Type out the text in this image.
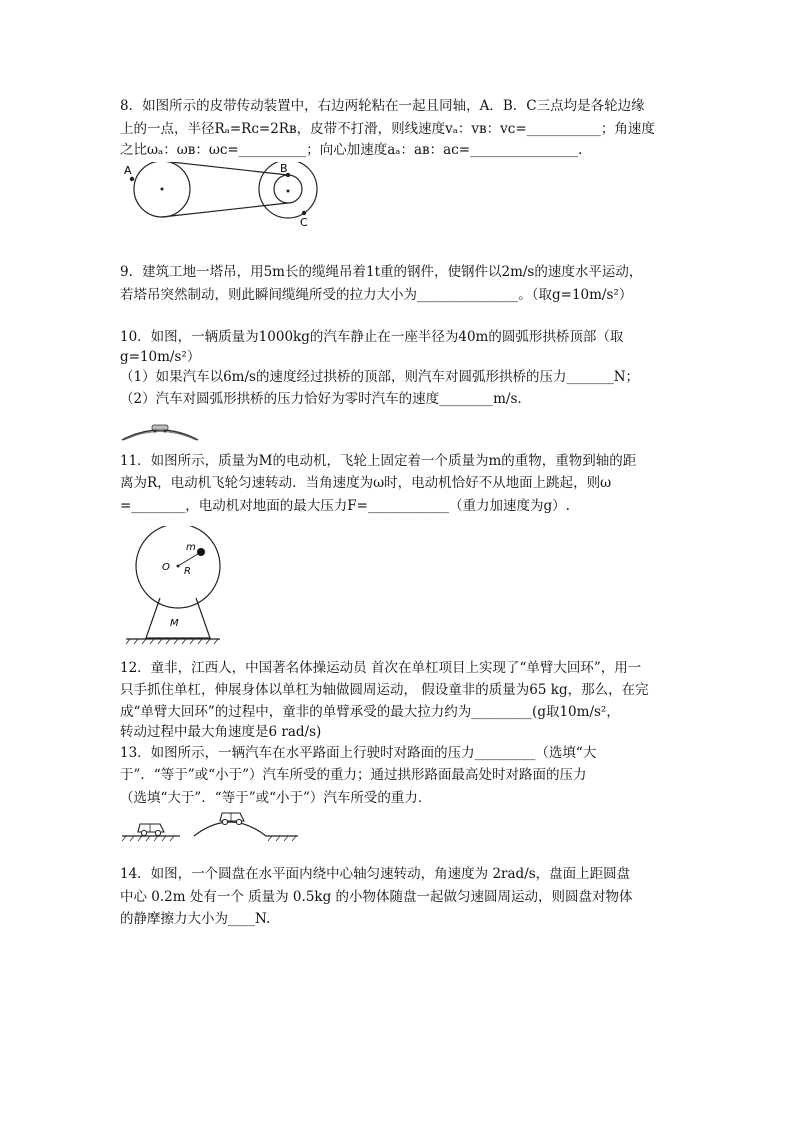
8．如图所示的皮带传动装置中，右边两轮粘在一起且同轴，A．B．C三点均是各轮边缘
上的一点，半径Rₐ=Rᴄ=2Rʙ，皮带不打滑，则线速度vₐ：vʙ：vᴄ=___________；角速度
之比ωₐ：ωʙ：ωᴄ=__________；向心加速度aₐ：aʙ：aᴄ=________________.
A	B
C
9．建筑工地一塔吊，用5m长的缆绳吊着1t重的钢件，使钢件以2m/s的速度水平运动，
若塔吊突然制动，则此瞬间缆绳所受的拉力大小为_______________。（取g=10m/s²）
10．如图，一辆质量为1000kg的汽车静止在一座半径为40m的圆弧形拱桥顶部（取
g=10m/s²）
（1）如果汽车以6m/s的速度经过拱桥的顶部，则汽车对圆弧形拱桥的压力_______N；
（2）汽车对圆弧形拱桥的压力恰好为零时汽车的速度________m/s.
11．如图所示，质量为M的电动机，飞轮上固定着一个质量为m的重物，重物到轴的距
离为R，电动机飞轮匀速转动．当角速度为ω时，电动机恰好不从地面上跳起，则ω
=________，电动机对地面的最大压力F=____________（重力加速度为g）.
m
O R
M
12．童非，江西人，中国著名体操运动员 首次在单杠项目上实现了“单臂大回环”，用一
只手抓住单杠，伸展身体以单杠为轴做圆周运动， 假设童非的质量为65 kg，那么，在完
成“单臂大回环”的过程中，童非的单臂承受的最大拉力约为_________(g取10m/s²，
转动过程中最大角速度是6 rad/s)
13．如图所示，一辆汽车在水平路面上行驶时对路面的压力_________（选填“大
于”．“等于”或“小于”）汽车所受的重力；通过拱形路面最高处时对路面的压力
（选填“大于”．“等于”或“小于”）汽车所受的重力．
14．如图，一个圆盘在水平面内绕中心轴匀速转动，角速度为 2rad/s，盘面上距圆盘
中心 0.2m 处有一个 质量为 0.5kg 的小物体随盘一起做匀速圆周运动，则圆盘对物体
的静摩擦力大小为____N.
